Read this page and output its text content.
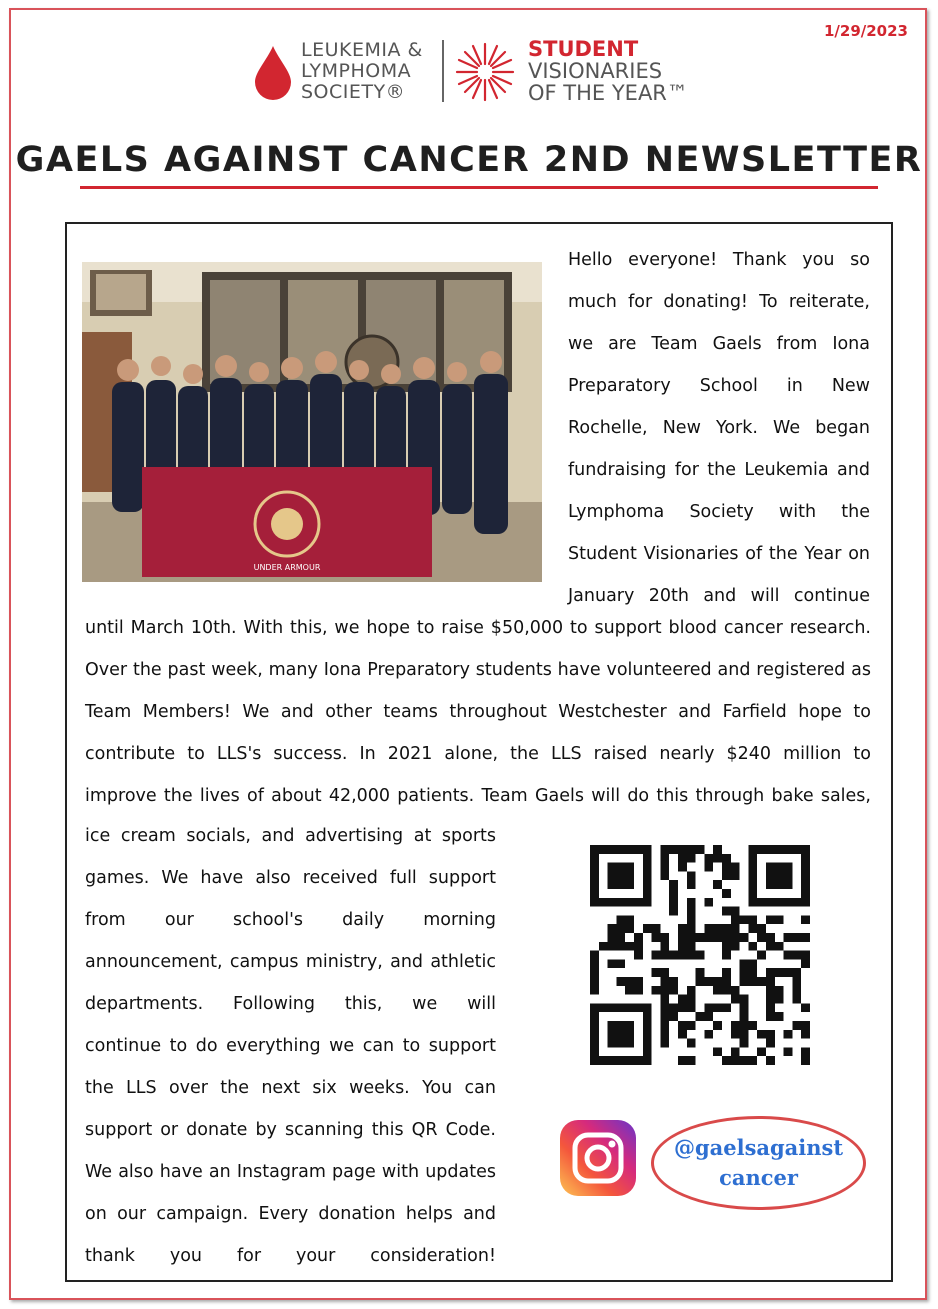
1/29/2023
LEUKEMIA &
LYMPHOMA
SOCIETY®
STUDENT
VISIONARIES
OF THE YEAR™
GAELS AGAINST CANCER 2ND NEWSLETTER
UNDER ARMOUR

Hello everyone! Thank you so
much for donating! To reiterate,
we are Team Gaels from Iona
Preparatory School in New
Rochelle, New York. We began
fundraising for the Leukemia and
Lymphoma Society with the
Student Visionaries of the Year on
January 20th and will continue

until March 10th. With this, we hope to raise $50,000 to support blood cancer research.
Over the past week, many Iona Preparatory students have volunteered and registered as
Team Members! We and other teams throughout Westchester and Farfield hope to
contribute to LLS's success. In 2021 alone, the LLS raised nearly $240 million to
improve the lives of about 42,000 patients. Team Gaels will do this through bake sales,

ice cream socials, and advertising at sports
games. We have also received full support
from our school's daily morning
announcement, campus ministry, and athletic
departments. Following this, we will
continue to do everything we can to support
the LLS over the next six weeks. You can
support or donate by scanning this QR Code.
We also have an Instagram page with updates
on our campaign. Every donation helps and
thank you for your consideration!

@gaelsagainst
cancer
